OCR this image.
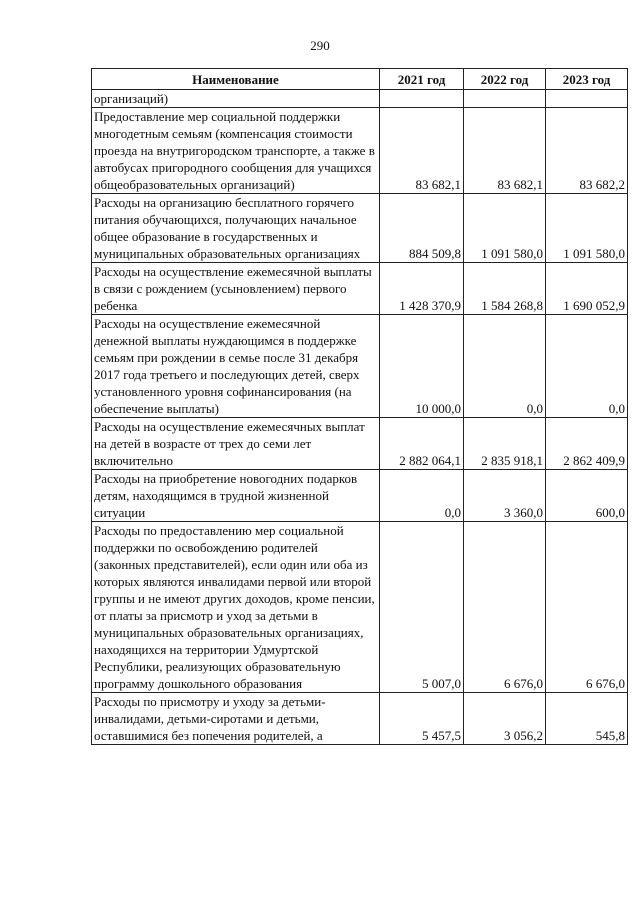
290
Наименование	2021 год	2022 год	2023 год
организаций)			
Предоставление мер социальной поддержки многодетным семьям (компенсация стоимости проезда на внутригородском транспорте, а также в автобусах пригородного сообщения для учащихся общеобразовательных организаций)	83 682,1	83 682,1	83 682,2
Расходы на организацию бесплатного горячего питания обучающихся, получающих начальное общее образование в государственных и муниципальных образовательных организациях	884 509,8	1 091 580,0	1 091 580,0
Расходы на осуществление ежемесячной выплаты в связи с рождением (усыновлением) первого ребенка	1 428 370,9	1 584 268,8	1 690 052,9
Расходы на осуществление ежемесячной денежной выплаты нуждающимся в поддержке семьям при рождении в семье после 31 декабря 2017 года третьего и последующих детей, сверх установленного уровня софинансирования (на обеспечение выплаты)	10 000,0	0,0	0,0
Расходы на осуществление ежемесячных выплат на детей в возрасте от трех до семи лет включительно	2 882 064,1	2 835 918,1	2 862 409,9
Расходы на приобретение новогодних подарков детям, находящимся в трудной жизненной ситуации	0,0	3 360,0	600,0
Расходы по предоставлению мер социальной поддержки по освобождению родителей (законных представителей), если один или оба из которых являются инвалидами первой или второй группы и не имеют других доходов, кроме пенсии, от платы за присмотр и уход за детьми в муниципальных образовательных организациях, находящихся на территории Удмуртской Республики, реализующих образовательную программу дошкольного образования	5 007,0	6 676,0	6 676,0
Расходы по присмотру и уходу за детьми-инвалидами, детьми-сиротами и детьми, оставшимися без попечения родителей, а	5 457,5	3 056,2	545,8
